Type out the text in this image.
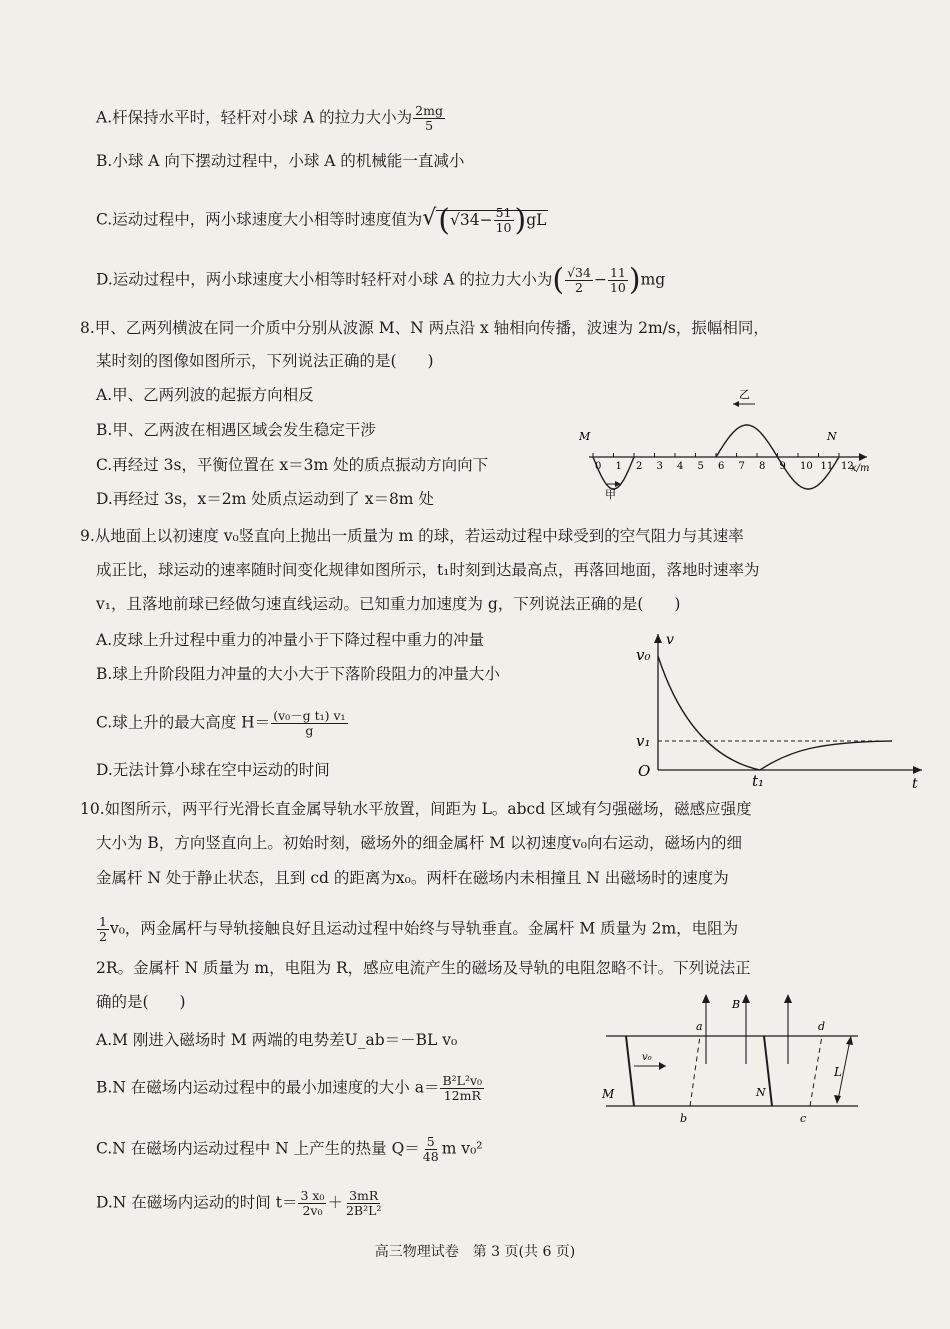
A.杆保持水平时，轻杆对小球 A 的拉力大小为 $\frac{2mg}{5}$
B.小球 A 向下摆动过程中，小球 A 的机械能一直减小
C.运动过程中，两小球速度大小相等时速度值为$√(√34- \frac{51}{10} )gL$
D.运动过程中，两小球速度大小相等时轻杆对小球 A 的拉力大小为( $\frac{√34}{2} - \frac{11}{10} )mg$
8.甲、乙两列横波在同一介质中分别从波源 M、N 两点沿 x 轴相向传播，波速为 2m/s，振幅相同，
某时刻的图像如图所示，下列说法正确的是(　　)
A.甲、乙两列波的起振方向相反
B.甲、乙两波在相遇区域会发生稳定干涉
C.再经过 3s，平衡位置在 x＝3m 处的质点振动方向向下
D.再经过 3s，x＝2m 处质点运动到了 x＝8m 处
0 1 2 3 4 5 6 7 8 9 10 11 12
M	N
x/m
甲
乙
9.从地面上以初速度 v₀竖直向上抛出一质量为 m 的球，若运动过程中球受到的空气阻力与其速率
成正比，球运动的速率随时间变化规律如图所示，t₁时刻到达最高点，再落回地面，落地时速率为
v₁，且落地前球已经做匀速直线运动。已知重力加速度为 g，下列说法正确的是(　　)
A.皮球上升过程中重力的冲量小于下降过程中重力的冲量
B.球上升阶段阻力冲量的大小大于下落阶段阻力的冲量大小
C.球上升的最大高度 $H= \frac{\text{(v₀－g t₁) v₁}}{g}$
D.无法计算小球在空中运动的时间
v
t
v₀
v₁
O
t₁
10.如图所示，两平行光滑长直金属导轨水平放置，间距为 L。abcd 区域有匀强磁场，磁感应强度
大小为 B，方向竖直向上。初始时刻，磁场外的细金属杆 M 以初速度v₀向右运动，磁场内的细
金属杆 N 处于静止状态，且到 cd 的距离为x₀。两杆在磁场内未相撞且 N 出磁场时的速度为
$\frac{1}{2} v_0$，两金属杆与导轨接触良好且运动过程中始终与导轨垂直。金属杆 M 质量为 2m，电阻为
2R。金属杆 N 质量为 m，电阻为 R，感应电流产生的磁场及导轨的电阻忽略不计。下列说法正
确的是(　　)
A.M 刚进入磁场时 M 两端的电势差U_ab＝－BL v₀
B.N 在磁场内运动过程中的最小加速度的大小 $a= \frac{\text{B²L²v₀}}{12mR}$
C.N 在磁场内运动过程中 N 上产生的热量 $Q= \frac{5}{48}$ m v₀²
D.N 在磁场内运动的时间 $t= \frac{\text{3 x₀}}{\text{2v₀}} + \frac{3mR}{\text{2B²L²}}$
a
b	c
d
B
L
M	N
v₀
高三物理试卷　第 3 页(共 6 页)
